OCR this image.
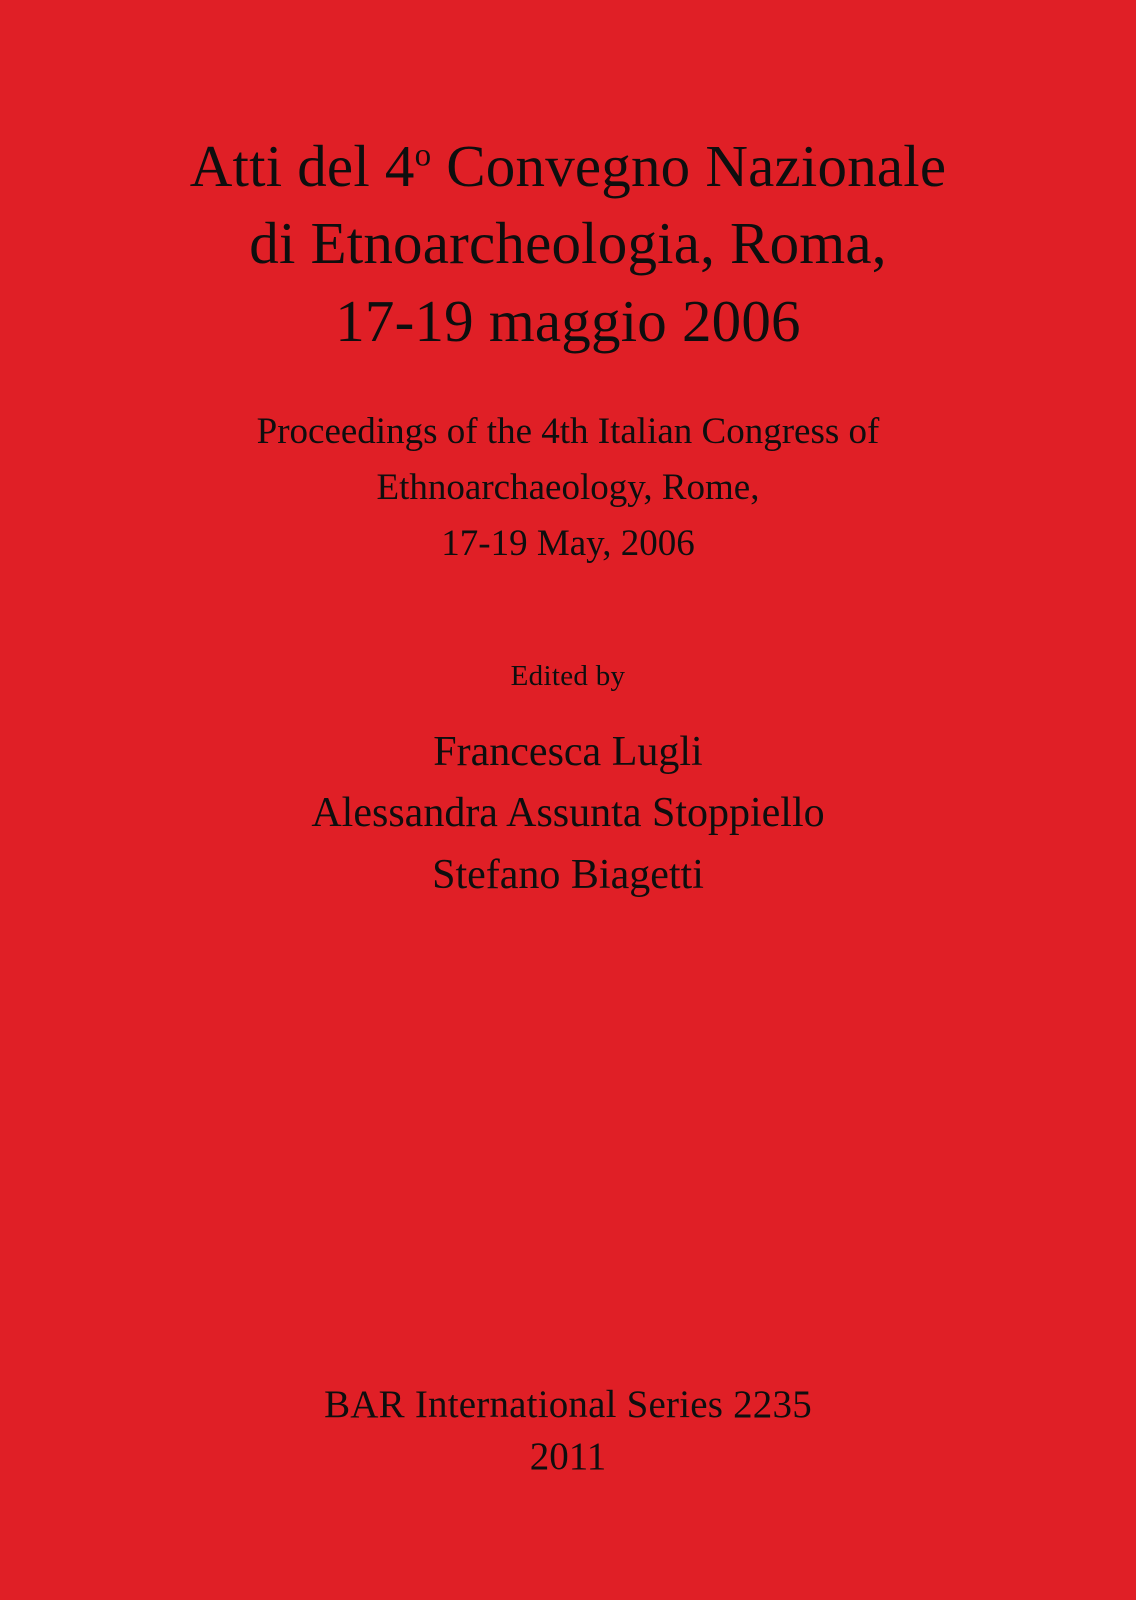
Atti del 4$^o$ Convegno Nazionale
di Etnoarcheologia, Roma,
17-19 maggio 2006
Proceedings of the 4th Italian Congress of
Ethnoarchaeology, Rome,
17-19 May, 2006
Edited by
Francesca Lugli
Alessandra Assunta Stoppiello
Stefano Biagetti
BAR International Series 2235
2011
